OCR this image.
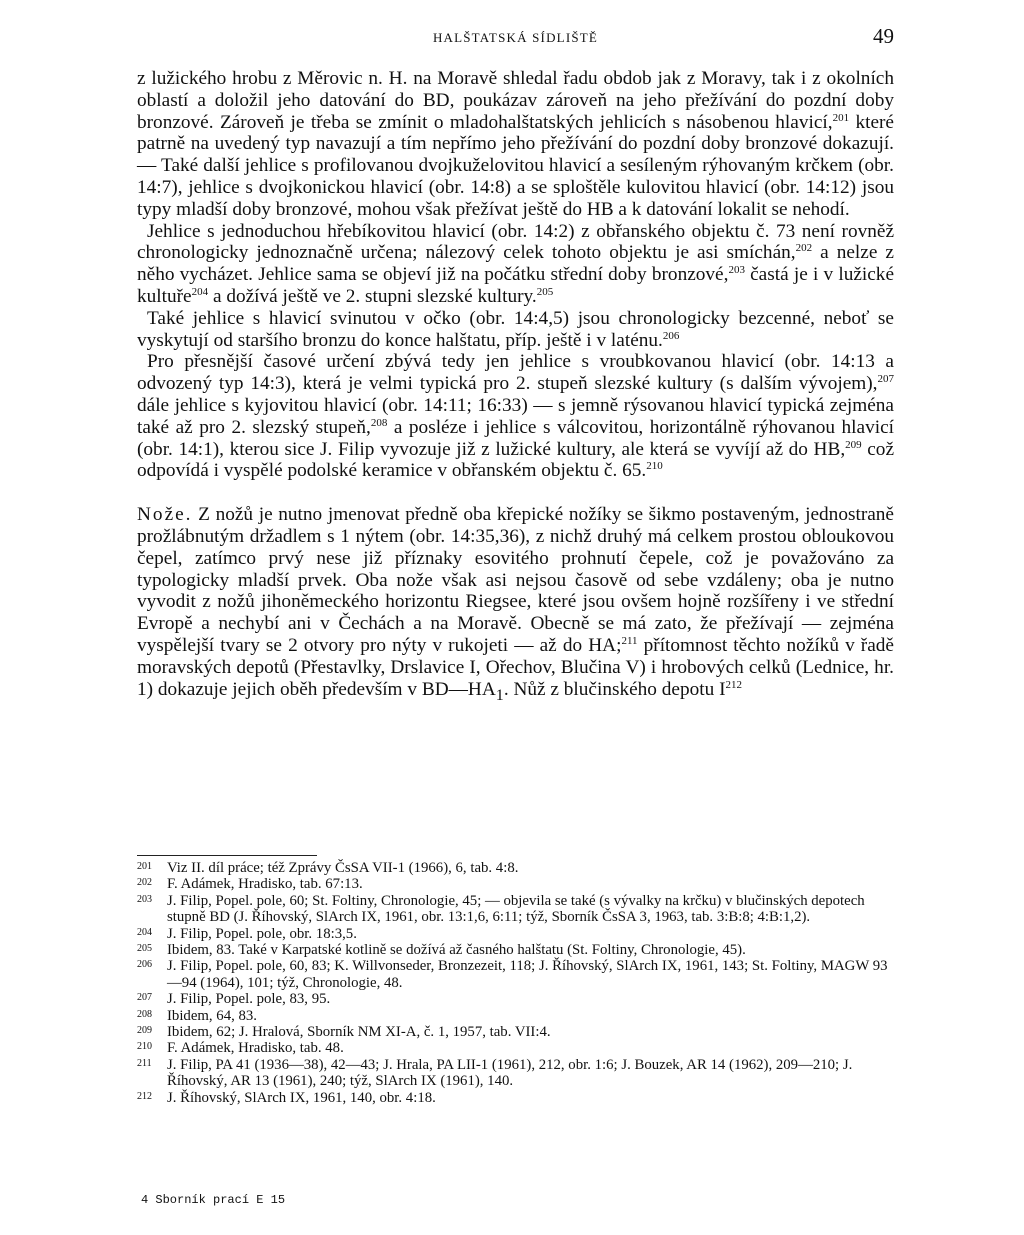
HALŠTATSKÁ SÍDLIŠTĚ	49

z lužického hrobu z Měrovic n. H. na Moravě shledal řadu obdob jak z Moravy, tak i z okolních oblastí a doložil jeho datování do BD, poukázav zároveň na jeho přežívání do pozdní doby bronzové. Zároveň je třeba se zmínit o mladohalštatských jehlicích s násobenou hlavicí,$^{201}$ které patrně na uvedený typ navazují a tím nepřímo jeho přežívání do pozdní doby bronzové dokazují. — Také další jehlice s profilovanou dvojkuželovitou hlavicí a sesíleným rýhovaným krčkem (obr. 14:7), jehlice s dvojkonickou hlavicí (obr. 14:8) a se sploštěle kulovitou hlavicí (obr. 14:12) jsou typy mladší doby bronzové, mohou však přežívat ještě do HB a k datování lokalit se nehodí.

Jehlice s jednoduchou hřebíkovitou hlavicí (obr. 14:2) z obřanského objektu č. 73 není rovněž chronologicky jednoznačně určena; nálezový celek tohoto objektu je asi smíchán,$^{202}$ a nelze z něho vycházet. Jehlice sama se objeví již na počátku střední doby bronzové,$^{203}$ častá je i v lužické kultuře$^{204}$ a dožívá ještě ve 2. stupni slezské kultury.$^{205}$

Také jehlice s hlavicí svinutou v očko (obr. 14:4,5) jsou chronologicky bezcenné, neboť se vyskytují od staršího bronzu do konce halštatu, příp. ještě i v laténu.$^{206}$

Pro přesnější časové určení zbývá tedy jen jehlice s vroubkovanou hlavicí (obr. 14:13 a odvozený typ 14:3), která je velmi typická pro 2. stupeň slezské kultury (s dalším vývojem),$^{207}$ dále jehlice s kyjovitou hlavicí (obr. 14:11; 16:33) — s jemně rýsovanou hlavicí typická zejména také až pro 2. slezský stupeň,$^{208}$ a posléze i jehlice s válcovitou, horizontálně rýhovanou hlavicí (obr. 14:1), kterou sice J. Filip vyvozuje již z lužické kultury, ale která se vyvíjí až do HB,$^{209}$ což odpovídá i vyspělé podolské keramice v obřanském objektu č. 65.$^{210}$

Nože. Z nožů je nutno jmenovat předně oba křepické nožíky se šikmo postaveným, jednostraně prožlábnutým držadlem s 1 nýtem (obr. 14:35,36), z nichž druhý má celkem prostou obloukovou čepel, zatímco prvý nese již příznaky esovitého prohnutí čepele, což je považováno za typologicky mladší prvek. Oba nože však asi nejsou časově od sebe vzdáleny; oba je nutno vyvodit z nožů jihoněmeckého horizontu Riegsee, které jsou ovšem hojně rozšířeny i ve střední Evropě a nechybí ani v Čechách a na Moravě. Obecně se má zato, že přežívají — zejména vyspělejší tvary se 2 otvory pro nýty v rukojeti — až do HA;$^{211}$ přítomnost těchto nožíků v řadě moravských depotů (Přestavlky, Drslavice I, Ořechov, Blučina V) i hrobových celků (Lednice, hr. 1) dokazuje jejich oběh především v $BD—HA_1$. Nůž z blučinského depotu $I^{212}$

201	Viz II. díl práce; též Zprávy ČsSA VII-1 (1966), 6, tab. 4:8.
202	F. Adámek, Hradisko, tab. 67:13.
203	J. Filip, Popel. pole, 60; St. Foltiny, Chronologie, 45; — objevila se také (s vývalky na krčku) v blučinských depotech stupně BD (J. Říhovský, SlArch IX, 1961, obr. 13:1,6, 6:11; týž, Sborník ČsSA 3, 1963, tab. 3:B:8; 4:B:1,2).
204	J. Filip, Popel. pole, obr. 18:3,5.
205	Ibidem, 83. Také v Karpatské kotlině se dožívá až časného halštatu (St. Foltiny, Chronologie, 45).
206	J. Filip, Popel. pole, 60, 83; K. Willvonseder, Bronzezeit, 118; J. Říhovský, SlArch IX, 1961, 143; St. Foltiny, MAGW 93—94 (1964), 101; týž, Chronologie, 48.
207	J. Filip, Popel. pole, 83, 95.
208	Ibidem, 64, 83.
209	Ibidem, 62; J. Hralová, Sborník NM XI-A, č. 1, 1957, tab. VII:4.
210	F. Adámek, Hradisko, tab. 48.
211	J. Filip, PA 41 (1936—38), 42—43; J. Hrala, PA LII-1 (1961), 212, obr. 1:6; J. Bouzek, AR 14 (1962), 209—210; J. Říhovský, AR 13 (1961), 240; týž, SlArch IX (1961), 140.
212	J. Říhovský, SlArch IX, 1961, 140, obr. 4:18.
4 Sborník prací E 15
